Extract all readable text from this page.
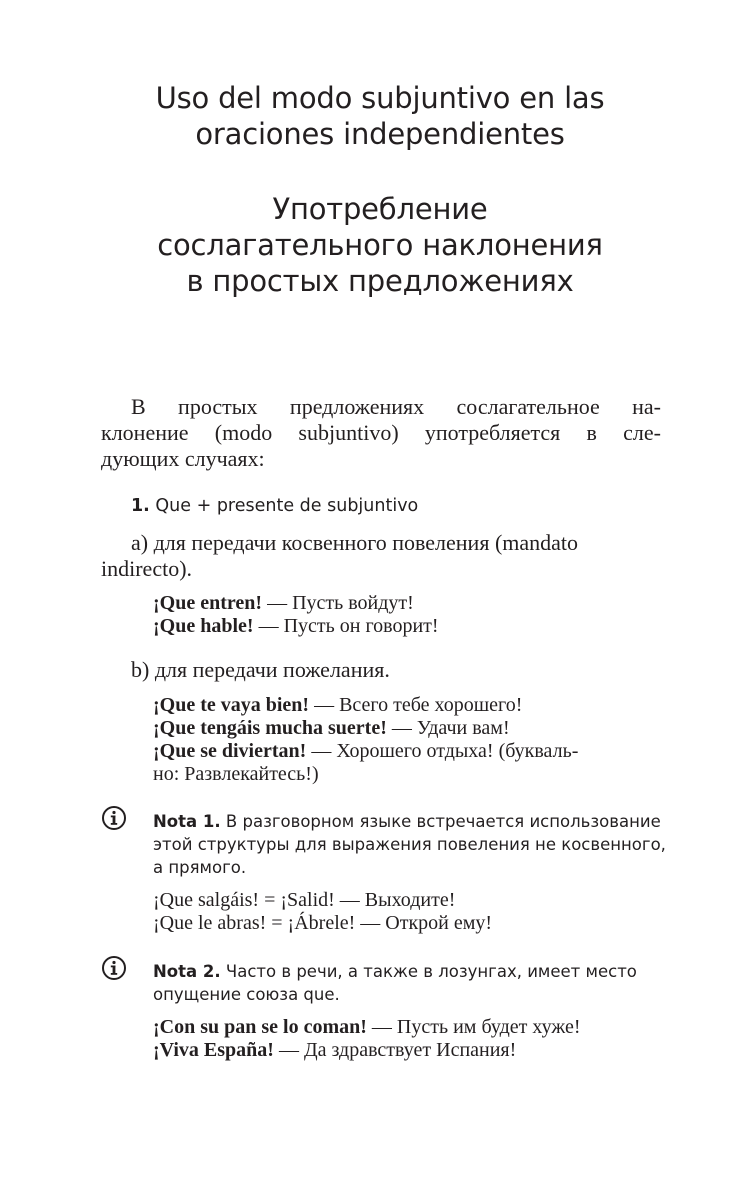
Uso del modo subjuntivo en las
oraciones independientes
Употребление
сослагательного наклонения
в простых предложениях

В простых предложениях сослагательное на-
клонение (modo subjuntivo) употребляется в сле-
дующих случаях:

1. Que + presente de subjuntivo

а) для передачи косвенного повеления (mandato
indirecto).

¡Que entren! — Пусть войдут!
¡Que hable! — Пусть он говорит!

b) для передачи пожелания.

¡Que te vaya bien! — Всего тебе хорошего!
¡Que tengáis mucha suerte! — Удачи вам!
¡Que se diviertan! — Хорошего отдыха! (букваль-
но: Развлекайтесь!)

Nota 1. В разговорном языке встречается использование
этой структуры для выражения повеления не косвенного,
а прямого.

¡Que salgáis! = ¡Salid! — Выходите!
¡Que le abras! = ¡Ábrele! — Открой ему!

Nota 2. Часто в речи, а также в лозунгах, имеет место
опущение союза que.

¡Con su pan se lo coman! — Пусть им будет хуже!
¡Viva España! — Да здравствует Испания!
